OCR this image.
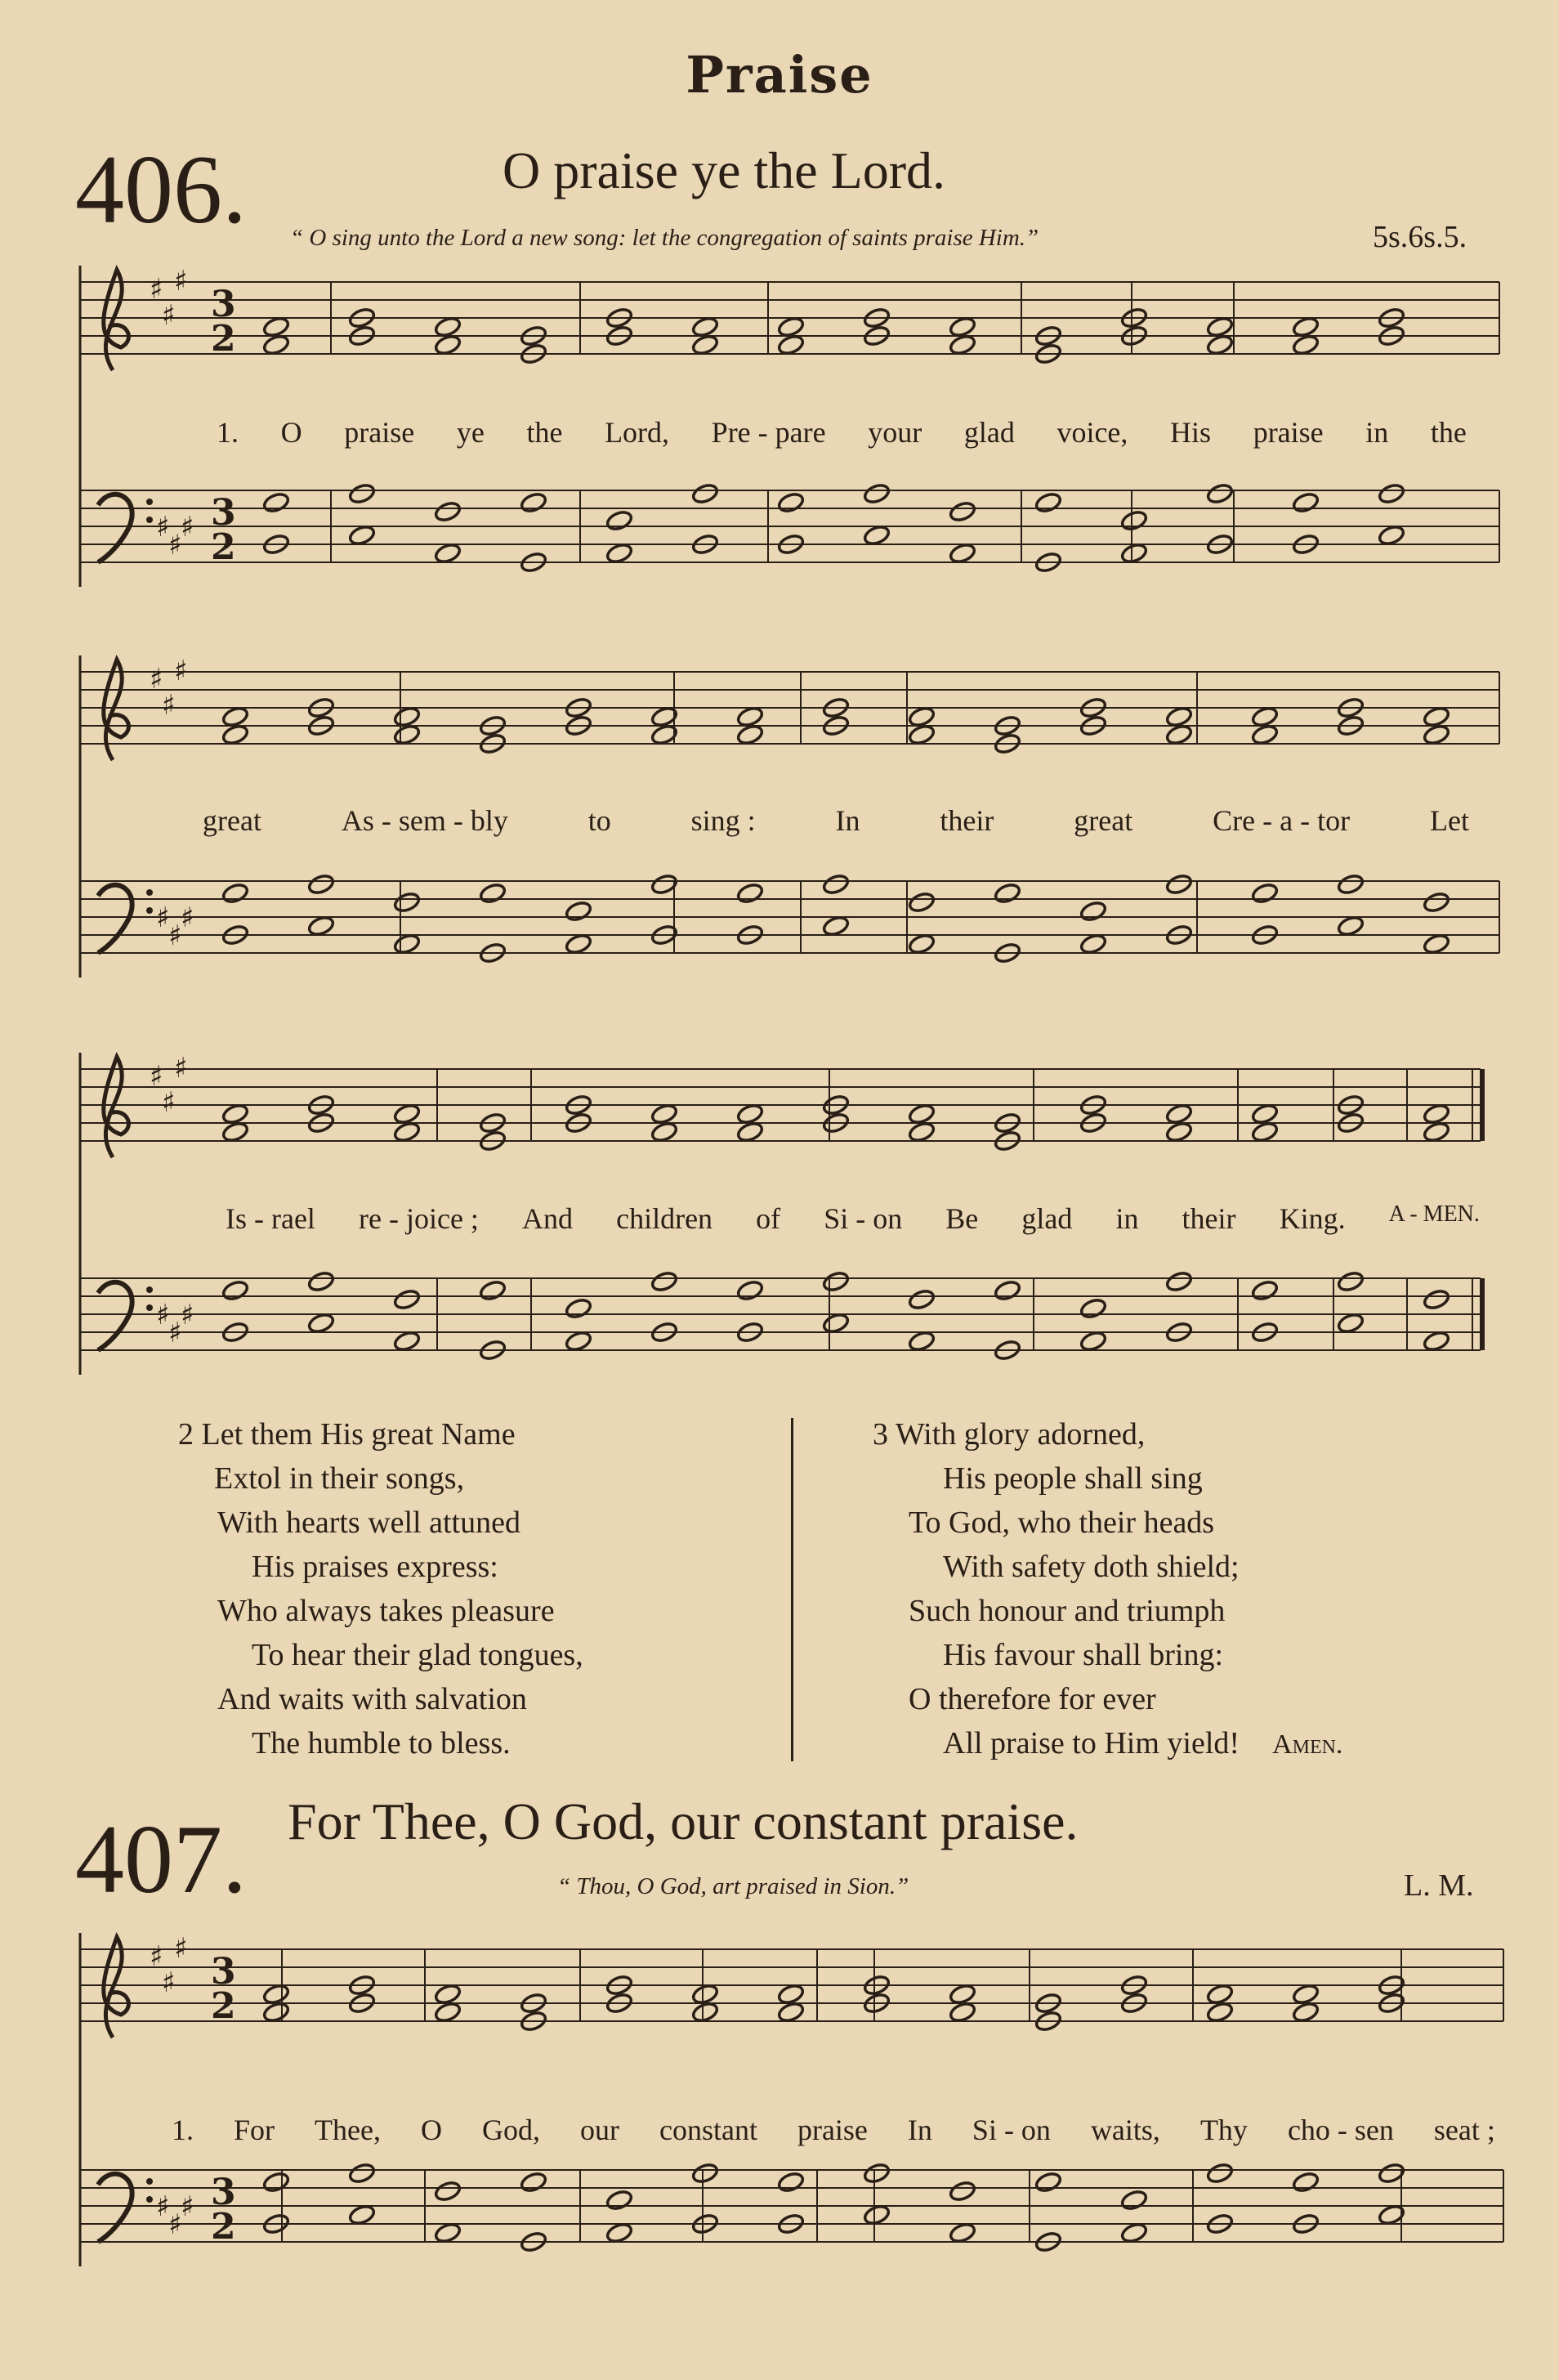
Praise
406.	O praise ye the Lord.
“ O sing unto the Lord a new song: let the congregation of saints praise Him.”	5s.6s.5.
♯
♯
♯
♯
♯
♯
3
2
3
2
♯
♯
♯
♯
♯
♯
♯
♯
♯
♯
♯
♯
♯
♯
♯
♯
♯
♯
3
2
3
2
1. O praise ye the Lord, Pre - pare your glad voice, His praise in the
great	As - sem - bly	to	sing :	In	their	great	Cre - a - tor	Let
Is - rael re - joice ; And children of Si - on Be glad in their King. A - MEN.
2 Let them His great Name
Extol in their songs,
With hearts well attuned
His praises express:
Who always takes pleasure
To hear their glad tongues,
And waits with salvation
The humble to bless.
3 With glory adorned,
His people shall sing
To God, who their heads
With safety doth shield;
Such honour and triumph
His favour shall bring:
O therefore for ever
All praise to Him yield! Amen.
407. For Thee, O God, our constant praise.
“ Thou, O God, art praised in Sion.”	L. M.
1. For Thee, O God, our constant praise In Si - on waits, Thy cho - sen seat ;
